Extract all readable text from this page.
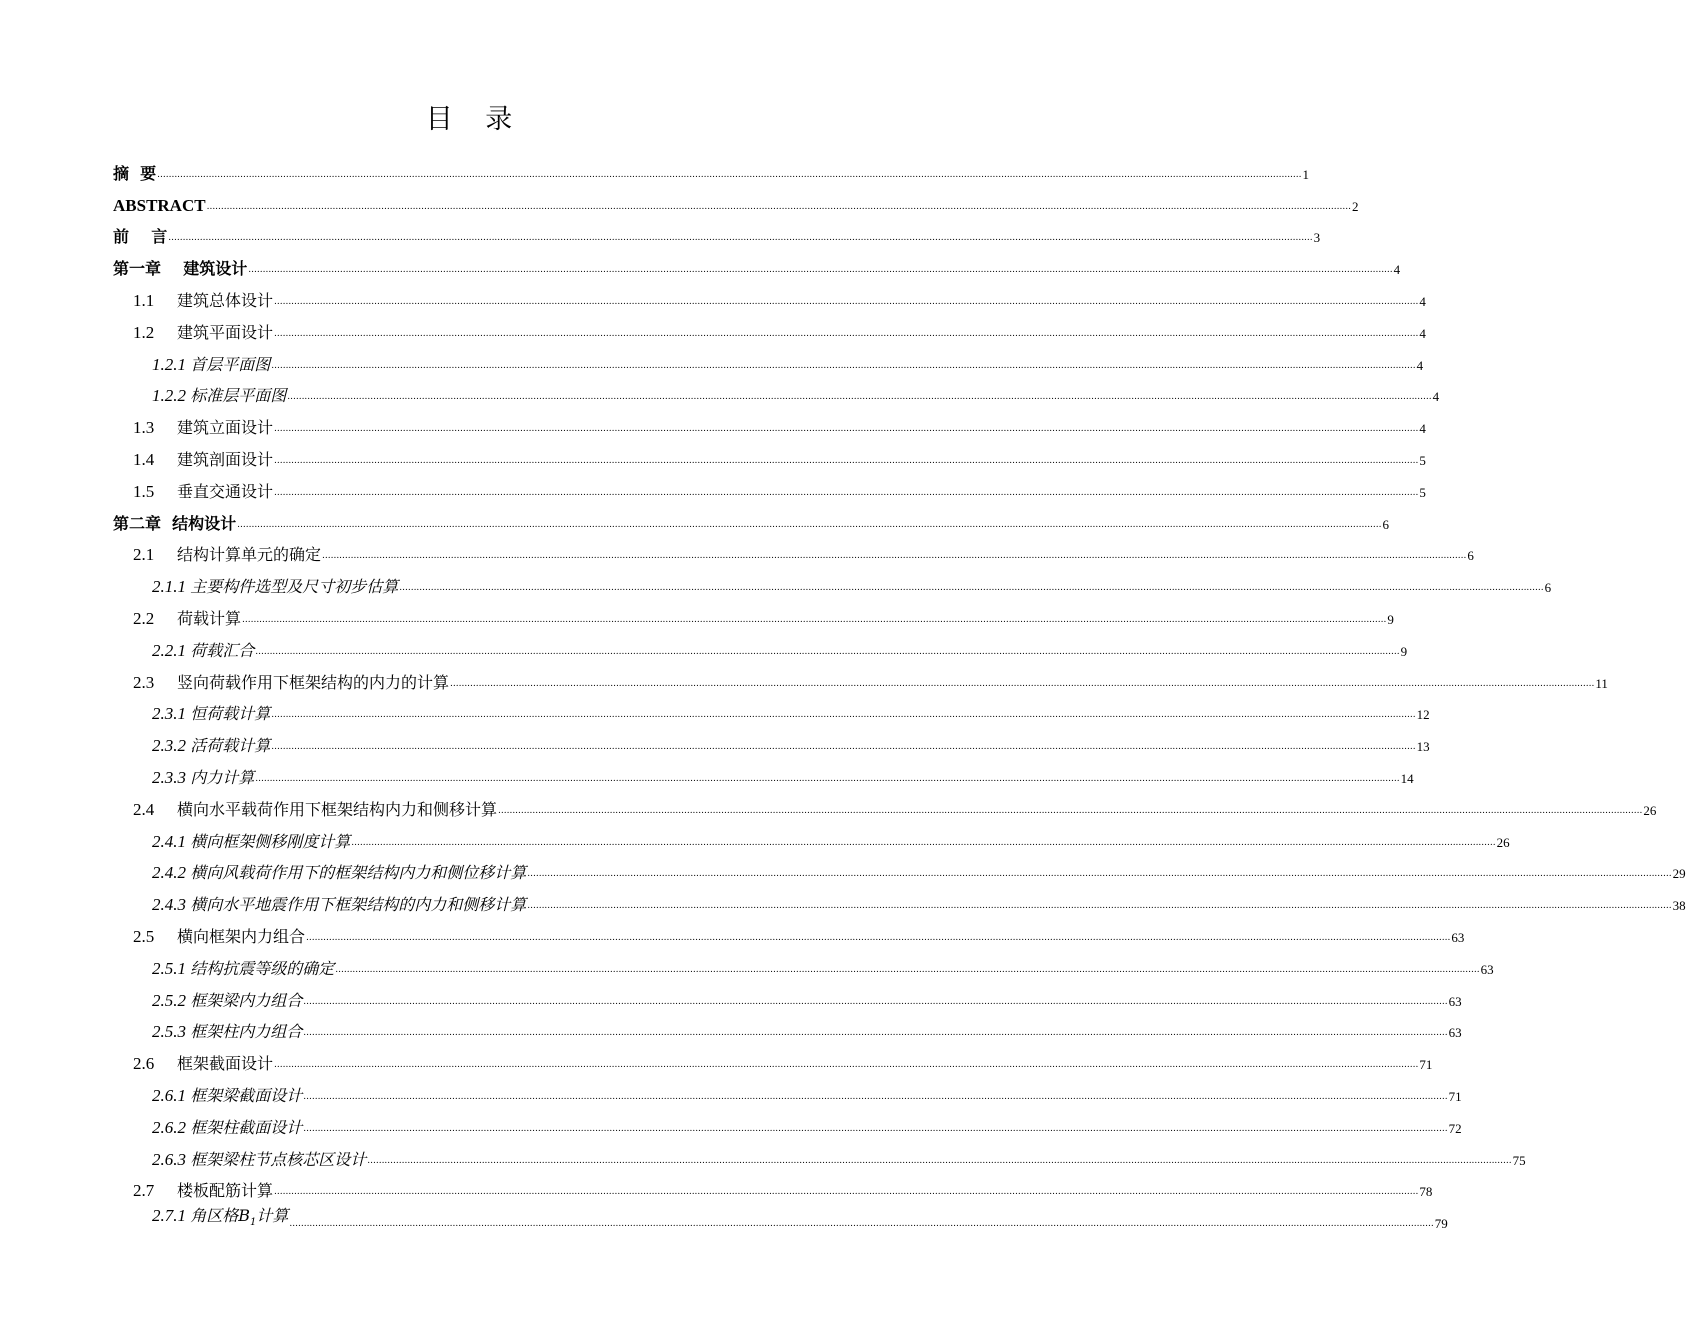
目 录
摘  要 ................................................................................................................................................................................................................................................................................................................................................................................................................ 1
ABSTRACT ................................................................................................................................................................................................................................................................................................................................................................................................................ 2
前    言 ................................................................................................................................................................................................................................................................................................................................................................................................................ 3
第一章    建筑设计 ................................................................................................................................................................................................................................................................................................................................................................................................................ 4
1.1 建筑总体设计 ................................................................................................................................................................................................................................................................................................................................................................................................................ 4
1.2 建筑平面设计 ................................................................................................................................................................................................................................................................................................................................................................................................................ 4
1.2.1 首层平面图 ................................................................................................................................................................................................................................................................................................................................................................................................................ 4
1.2.2 标准层平面图 ................................................................................................................................................................................................................................................................................................................................................................................................................ 4
1.3 建筑立面设计 ................................................................................................................................................................................................................................................................................................................................................................................................................ 4
1.4 建筑剖面设计 ................................................................................................................................................................................................................................................................................................................................................................................................................ 5
1.5 垂直交通设计 ................................................................................................................................................................................................................................................................................................................................................................................................................ 5
第二章  结构设计 ................................................................................................................................................................................................................................................................................................................................................................................................................ 6
2.1 结构计算单元的确定 ................................................................................................................................................................................................................................................................................................................................................................................................................ 6
2.1.1 主要构件选型及尺寸初步估算 ................................................................................................................................................................................................................................................................................................................................................................................................................ 6
2.2 荷载计算 ................................................................................................................................................................................................................................................................................................................................................................................................................ 9
2.2.1 荷载汇合 ................................................................................................................................................................................................................................................................................................................................................................................................................ 9
2.3 竖向荷载作用下框架结构的内力的计算 ................................................................................................................................................................................................................................................................................................................................................................................................................ 11
2.3.1 恒荷载计算 ................................................................................................................................................................................................................................................................................................................................................................................................................ 12
2.3.2 活荷载计算 ................................................................................................................................................................................................................................................................................................................................................................................................................ 13
2.3.3 内力计算 ................................................................................................................................................................................................................................................................................................................................................................................................................ 14
2.4 横向水平载荷作用下框架结构内力和侧移计算 ................................................................................................................................................................................................................................................................................................................................................................................................................ 26
2.4.1 横向框架侧移刚度计算 ................................................................................................................................................................................................................................................................................................................................................................................................................ 26
2.4.2 横向风载荷作用下的框架结构内力和侧位移计算 ................................................................................................................................................................................................................................................................................................................................................................................................................ 29
2.4.3 横向水平地震作用下框架结构的内力和侧移计算 ................................................................................................................................................................................................................................................................................................................................................................................................................ 38
2.5 横向框架内力组合 ................................................................................................................................................................................................................................................................................................................................................................................................................ 63
2.5.1 结构抗震等级的确定 ................................................................................................................................................................................................................................................................................................................................................................................................................ 63
2.5.2 框架梁内力组合 ................................................................................................................................................................................................................................................................................................................................................................................................................ 63
2.5.3 框架柱内力组合 ................................................................................................................................................................................................................................................................................................................................................................................................................ 63
2.6 框架截面设计 ................................................................................................................................................................................................................................................................................................................................................................................................................ 71
2.6.1 框架梁截面设计 ................................................................................................................................................................................................................................................................................................................................................................................................................ 71
2.6.2 框架柱截面设计 ................................................................................................................................................................................................................................................................................................................................................................................................................ 72
2.6.3 框架梁柱节点核芯区设计 ................................................................................................................................................................................................................................................................................................................................................................................................................ 75
2.7 楼板配筋计算 ................................................................................................................................................................................................................................................................................................................................................................................................................ 78
2.7.1 角区格$B_1$计算 ................................................................................................................................................................................................................................................................................................................................................................................................................ 79
